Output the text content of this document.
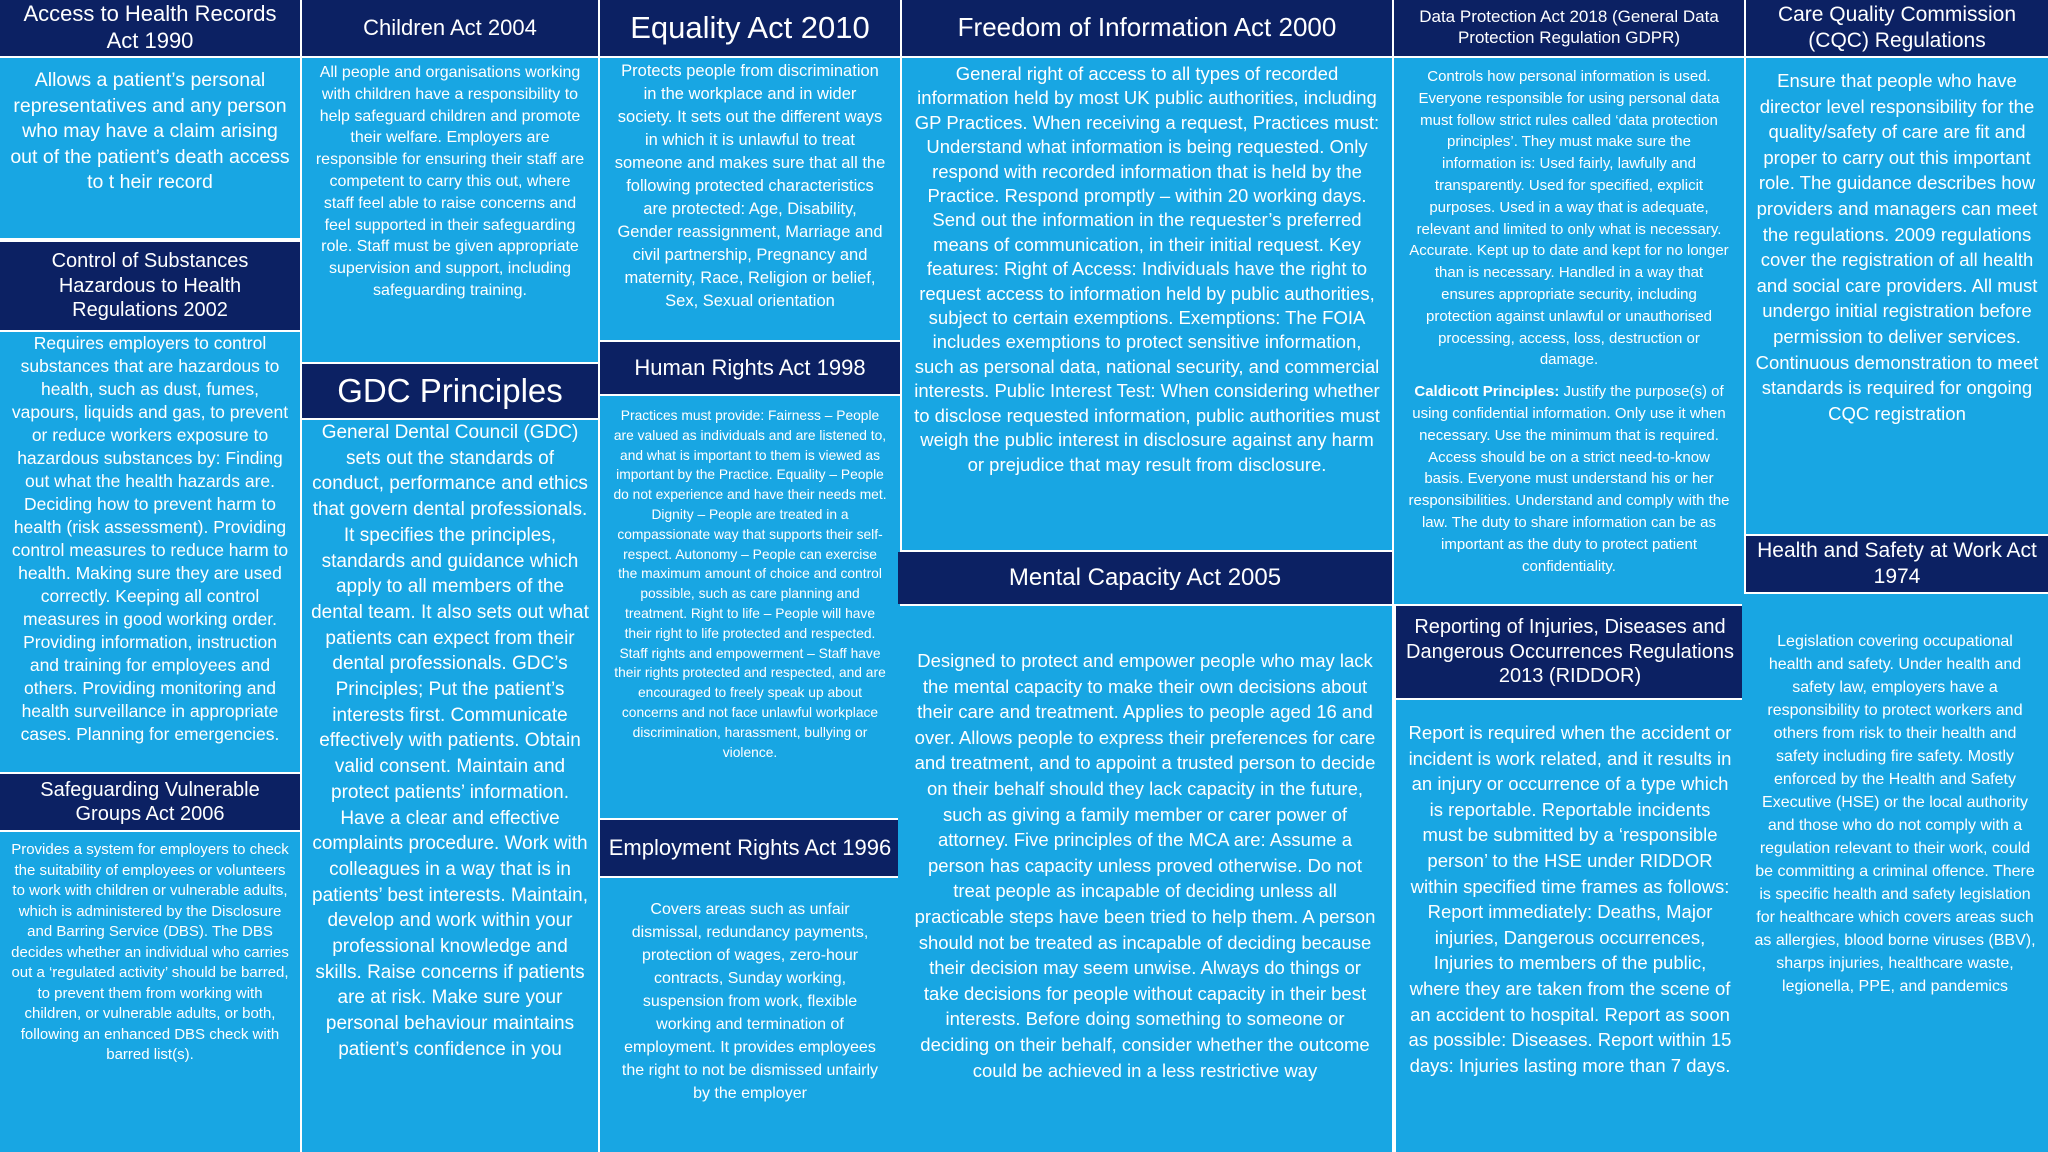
Access to Health Records Act 1990

Allows a patient’s personal representatives and any person who may have a claim arising out of the patient’s death access to t heir record

Control of Substances Hazardous to Health Regulations 2002

Requires employers to control substances that are hazardous to health, such as dust, fumes, vapours, liquids and gas, to prevent or reduce workers exposure to hazardous substances by: Finding out what the health hazards are. Deciding how to prevent harm to health (risk assessment). Providing control measures to reduce harm to health. Making sure they are used correctly. Keeping all control measures in good working order. Providing information, instruction and training for employees and others. Providing monitoring and health surveillance in appropriate cases. Planning for emergencies.

Safeguarding Vulnerable Groups Act 2006

Provides a system for employers to check the suitability of employees or volunteers to work with children or vulnerable adults, which is administered by the Disclosure and Barring Service (DBS). The DBS decides whether an individual who carries out a ‘regulated activity’ should be barred, to prevent them from working with children, or vulnerable adults, or both, following an enhanced DBS check with barred list(s).

Children Act 2004

All people and organisations working with children have a responsibility to help safeguard children and promote their welfare. Employers are responsible for ensuring their staff are competent to carry this out, where staff feel able to raise concerns and feel supported in their safeguarding role. Staff must be given appropriate supervision and support, including safeguarding training.

GDC Principles

General Dental Council (GDC) sets out the standards of conduct, performance and ethics that govern dental professionals. It specifies the principles, standards and guidance which apply to all members of the dental team. It also sets out what patients can expect from their dental professionals. GDC’s Principles; Put the patient’s interests first. Communicate effectively with patients. Obtain valid consent. Maintain and protect patients’ information. Have a clear and effective complaints procedure. Work with colleagues in a way that is in patients’ best interests. Maintain, develop and work within your professional knowledge and skills. Raise concerns if patients are at risk. Make sure your personal behaviour maintains patient’s confidence in you

Equality Act 2010

Protects people from discrimination in the workplace and in wider society. It sets out the different ways in which it is unlawful to treat someone and makes sure that all the following protected characteristics are protected: Age, Disability, Gender reassignment, Marriage and civil partnership, Pregnancy and maternity, Race, Religion or belief, Sex, Sexual orientation

Human Rights Act 1998

Practices must provide: Fairness – People are valued as individuals and are listened to, and what is important to them is viewed as important by the Practice. Equality – People do not experience and have their needs met. Dignity – People are treated in a compassionate way that supports their self-respect. Autonomy – People can exercise the maximum amount of choice and control possible, such as care planning and treatment. Right to life – People will have their right to life protected and respected. Staff rights and empowerment – Staff have their rights protected and respected, and are encouraged to freely speak up about concerns and not face unlawful workplace discrimination, harassment, bullying or violence.

Employment Rights Act 1996

Covers areas such as unfair dismissal, redundancy payments, protection of wages, zero-hour contracts, Sunday working, suspension from work, flexible working and termination of employment. It provides employees the right to not be dismissed unfairly by the employer

Freedom of Information Act 2000

General right of access to all types of recorded information held by most UK public authorities, including GP Practices. When receiving a request, Practices must: Understand what information is being requested. Only respond with recorded information that is held by the Practice. Respond promptly – within 20 working days. Send out the information in the requester’s preferred means of communication, in their initial request. Key features: Right of Access: Individuals have the right to request access to information held by public authorities, subject to certain exemptions. Exemptions: The FOIA includes exemptions to protect sensitive information, such as personal data, national security, and commercial interests. Public Interest Test: When considering whether to disclose requested information, public authorities must weigh the public interest in disclosure against any harm or prejudice that may result from disclosure.

Mental Capacity Act 2005

Designed to protect and empower people who may lack the mental capacity to make their own decisions about their care and treatment. Applies to people aged 16 and over. Allows people to express their preferences for care and treatment, and to appoint a trusted person to decide on their behalf should they lack capacity in the future, such as giving a family member or carer power of attorney. Five principles of the MCA are: Assume a person has capacity unless proved otherwise. Do not treat people as incapable of deciding unless all practicable steps have been tried to help them. A person should not be treated as incapable of deciding because their decision may seem unwise. Always do things or take decisions for people without capacity in their best interests. Before doing something to someone or deciding on their behalf, consider whether the outcome could be achieved in a less restrictive way

Data Protection Act 2018 (General Data Protection Regulation GDPR)

Controls how personal information is used. Everyone responsible for using personal data must follow strict rules called ‘data protection principles’. They must make sure the information is: Used fairly, lawfully and transparently. Used for specified, explicit purposes. Used in a way that is adequate, relevant and limited to only what is necessary. Accurate. Kept up to date and kept for no longer than is necessary. Handled in a way that ensures appropriate security, including protection against unlawful or unauthorised processing, access, loss, destruction or damage.

Caldicott Principles: Justify the purpose(s) of using confidential information. Only use it when necessary. Use the minimum that is required. Access should be on a strict need-to-know basis. Everyone must understand his or her responsibilities. Understand and comply with the law. The duty to share information can be as important as the duty to protect patient confidentiality.

Reporting of Injuries, Diseases and Dangerous Occurrences Regulations 2013 (RIDDOR)

Report is required when the accident or incident is work related, and it results in an injury or occurrence of a type which is reportable. Reportable incidents must be submitted by a ‘responsible person’ to the HSE under RIDDOR within specified time frames as follows: Report immediately: Deaths, Major injuries, Dangerous occurrences, Injuries to members of the public, where they are taken from the scene of an accident to hospital. Report as soon as possible: Diseases. Report within 15 days: Injuries lasting more than 7 days.

Care Quality Commission (CQC) Regulations

Ensure that people who have director level responsibility for the quality/safety of care are fit and proper to carry out this important role. The guidance describes how providers and managers can meet the regulations. 2009 regulations cover the registration of all health and social care providers. All must undergo initial registration before permission to deliver services. Continuous demonstration to meet standards is required for ongoing CQC registration

Health and Safety at Work Act 1974

Legislation covering occupational health and safety. Under health and safety law, employers have a responsibility to protect workers and others from risk to their health and safety including fire safety. Mostly enforced by the Health and Safety Executive (HSE) or the local authority and those who do not comply with a regulation relevant to their work, could be committing a criminal offence. There is specific health and safety legislation for healthcare which covers areas such as allergies, blood borne viruses (BBV), sharps injuries, healthcare waste, legionella, PPE, and pandemics
